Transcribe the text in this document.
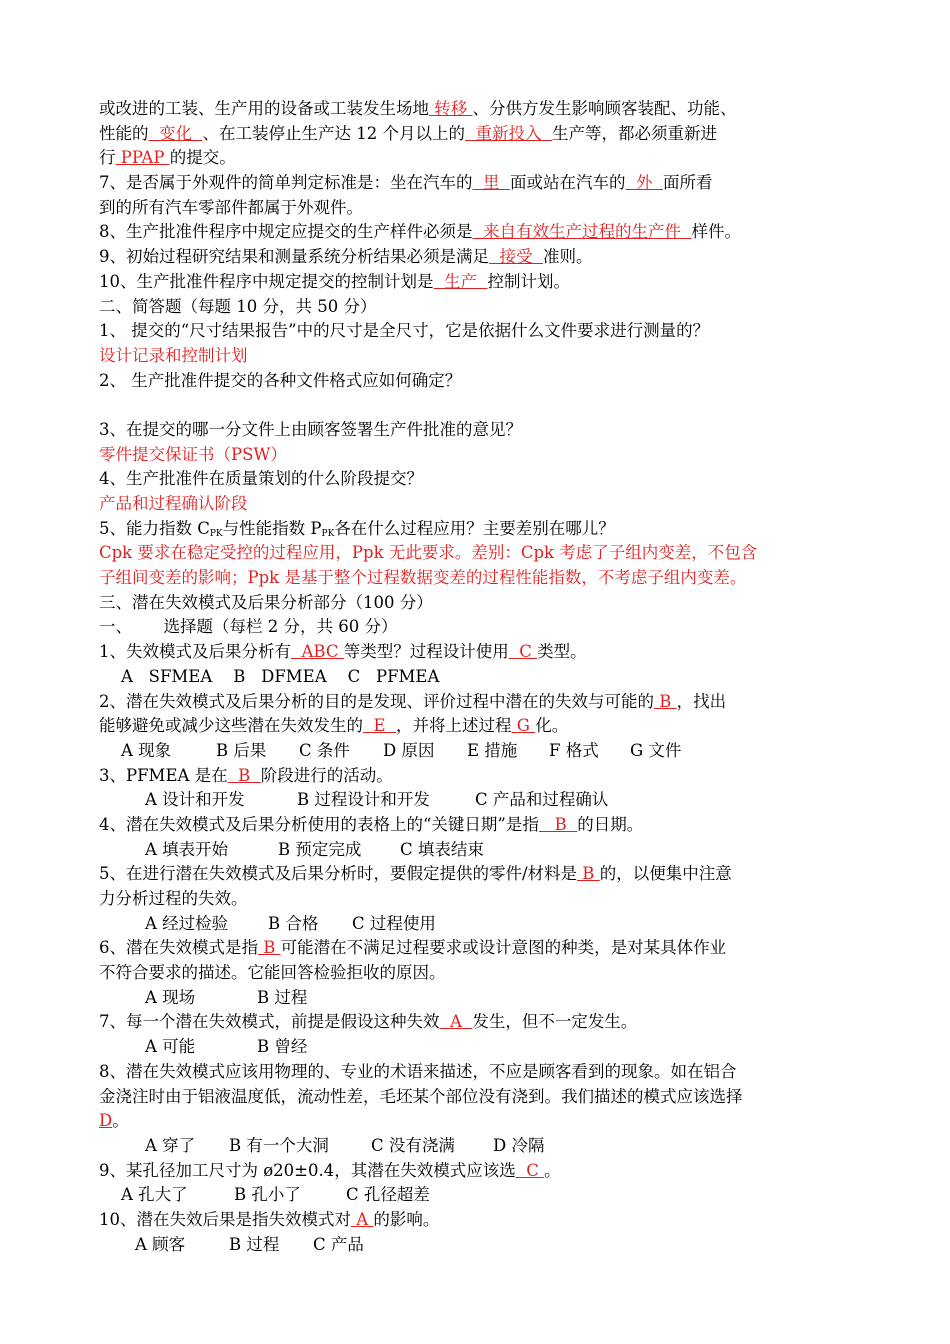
或改进的工装、生产用的设备或工装发生场地 转移 、分供方发生影响顾客装配、功能、
性能的  变化  、在工装停止生产达 12 个月以上的  重新投入  生产等，都必须重新进
行 PPAP 的提交。
7、是否属于外观件的简单判定标准是：坐在汽车的  里  面或站在汽车的  外  面所看
到的所有汽车零部件都属于外观件。
8、生产批准件程序中规定应提交的生产样件必须是  来自有效生产过程的生产件  样件。
9、初始过程研究结果和测量系统分析结果必须是满足  接受  准则。
10、生产批准件程序中规定提交的控制计划是  生产  控制计划。
二、简答题（每题 10 分，共 50 分）
1、 提交的“尺寸结果报告”中的尺寸是全尺寸，它是依据什么文件要求进行测量的？
设计记录和控制计划
2、 生产批准件提交的各种文件格式应如何确定？
3、在提交的哪一分文件上由顾客签署生产件批准的意见？
零件提交保证书（PSW）
4、生产批准件在质量策划的什么阶段提交？
产品和过程确认阶段
5、能力指数 $C_{PK}$与性能指数 $P_{PK}$各在什么过程应用？主要差别在哪儿？
Cpk 要求在稳定受控的过程应用，Ppk 无此要求。差别：Cpk 考虑了子组内变差，不包含
子组间变差的影响；Ppk 是基于整个过程数据变差的过程性能指数，不考虑子组内变差。
三、潜在失效模式及后果分析部分（100 分）
一、      选择题（每栏 2 分，共 60 分）
1、失效模式及后果分析有  ABC 等类型？过程设计使用  C 类型。
A   SFMEA    B   DFMEA    C   PFMEA
2、潜在失效模式及后果分析的目的是发现、评价过程中潜在的失效与可能的 B ，找出
能够避免或减少这些潜在失效发生的  E  ，并将上述过程 G 化。
A 现象	B 后果 C 条件 D 原因 E 措施 F 格式 G 文件
3、PFMEA 是在  B  阶段进行的活动。
A 设计和开发	B 过程设计和开发	C 产品和过程确认
4、潜在失效模式及后果分析使用的表格上的“关键日期”是指   B  的日期。
A 填表开始	B 预定完成 C 填表结束
5、在进行潜在失效模式及后果分析时，要假定提供的零件/材料是 B 的，以便集中注意
力分析过程的失效。
A 经过检验 B 合格 C 过程使用
6、潜在失效模式是指 B 可能潜在不满足过程要求或设计意图的种类，是对某具体作业
不符合要求的描述。它能回答检验拒收的原因。
A 现场	B 过程
7、每一个潜在失效模式，前提是假设这种失效  A  发生，但不一定发生。
A 可能	B 曾经
8、潜在失效模式应该用物理的、专业的术语来描述，不应是顾客看到的现象。如在铝合
金浇注时由于铝液温度低，流动性差，毛坯某个部位没有浇到。我们描述的模式应该选择
D。
A 穿了 B 有一个大洞	C 没有浇满 D 冷隔
9、某孔径加工尺寸为 ø20±0.4，其潜在失效模式应该选  C 。
A 孔大了	B 孔小了	C 孔径超差
10、潜在失效后果是指失效模式对 A 的影响。
A 顾客	B 过程 C 产品
